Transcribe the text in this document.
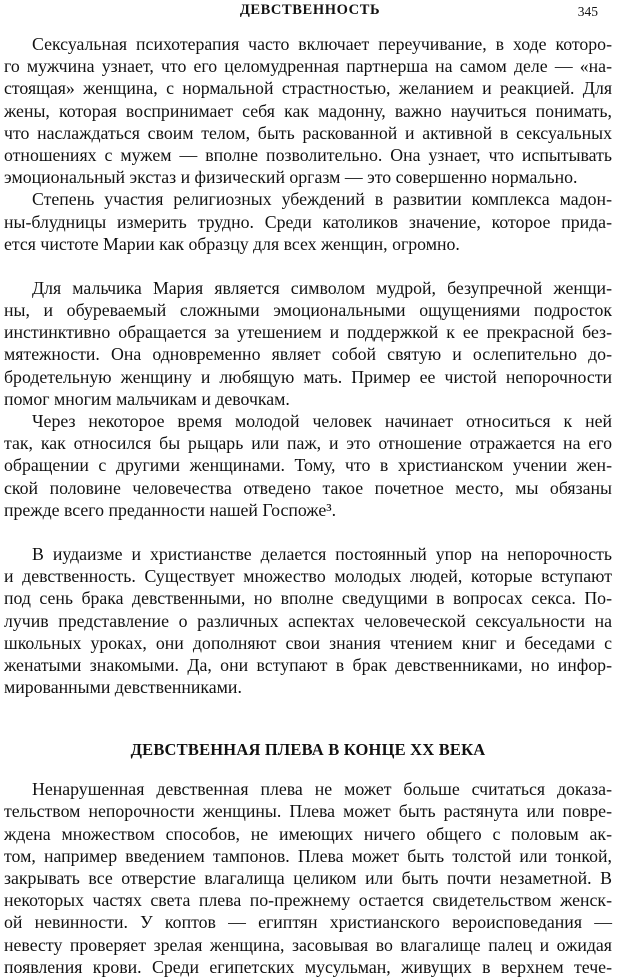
ДЕВСТВЕННОСТЬ	345
Сексуальная психотерапия часто включает переучивание, в ходе которо-
го мужчина узнает, что его целомудренная партнерша на самом деле — «на-
стоящая» женщина, с нормальной страстностью, желанием и реакцией. Для
жены, которая воспринимает себя как мадонну, важно научиться понимать,
что наслаждаться своим телом, быть раскованной и активной в сексуальных
отношениях с мужем — вполне позволительно. Она узнает, что испытывать
эмоциональный экстаз и физический оргазм — это совершенно нормально.
Степень участия религиозных убеждений в развитии комплекса мадон-
ны-блудницы измерить трудно. Среди католиков значение, которое прида-
ется чистоте Марии как образцу для всех женщин, огромно.
Для мальчика Мария является символом мудрой, безупречной женщи-
ны, и обуреваемый сложными эмоциональными ощущениями подросток
инстинктивно обращается за утешением и поддержкой к ее прекрасной без-
мятежности. Она одновременно являет собой святую и ослепительно до-
бродетельную женщину и любящую мать. Пример ее чистой непорочности
помог многим мальчикам и девочкам.
Через некоторое время молодой человек начинает относиться к ней
так, как относился бы рыцарь или паж, и это отношение отражается на его
обращении с другими женщинами. Тому, что в христианском учении жен-
ской половине человечества отведено такое почетное место, мы обязаны
прежде всего преданности нашей Госпоже³.
В иудаизме и христианстве делается постоянный упор на непорочность
и девственность. Существует множество молодых людей, которые вступают
под сень брака девственными, но вполне сведущими в вопросах секса. По-
лучив представление о различных аспектах человеческой сексуальности на
школьных уроках, они дополняют свои знания чтением книг и беседами с
женатыми знакомыми. Да, они вступают в брак девственниками, но инфор-
мированными девственниками.
ДЕВСТВЕННАЯ ПЛЕВА В КОНЦЕ XX ВЕКА
Ненарушенная девственная плева не может больше считаться доказа-
тельством непорочности женщины. Плева может быть растянута или повре-
ждена множеством способов, не имеющих ничего общего с половым ак-
том, например введением тампонов. Плева может быть толстой или тонкой,
закрывать все отверстие влагалища целиком или быть почти незаметной. В
некоторых частях света плева по-прежнему остается свидетельством женск-
ой невинности. У коптов — египтян христианского вероисповедания —
невесту проверяет зрелая женщина, засовывая во влагалище палец и ожидая
появления крови. Среди египетских мусульман, живущих в верхнем тече-
